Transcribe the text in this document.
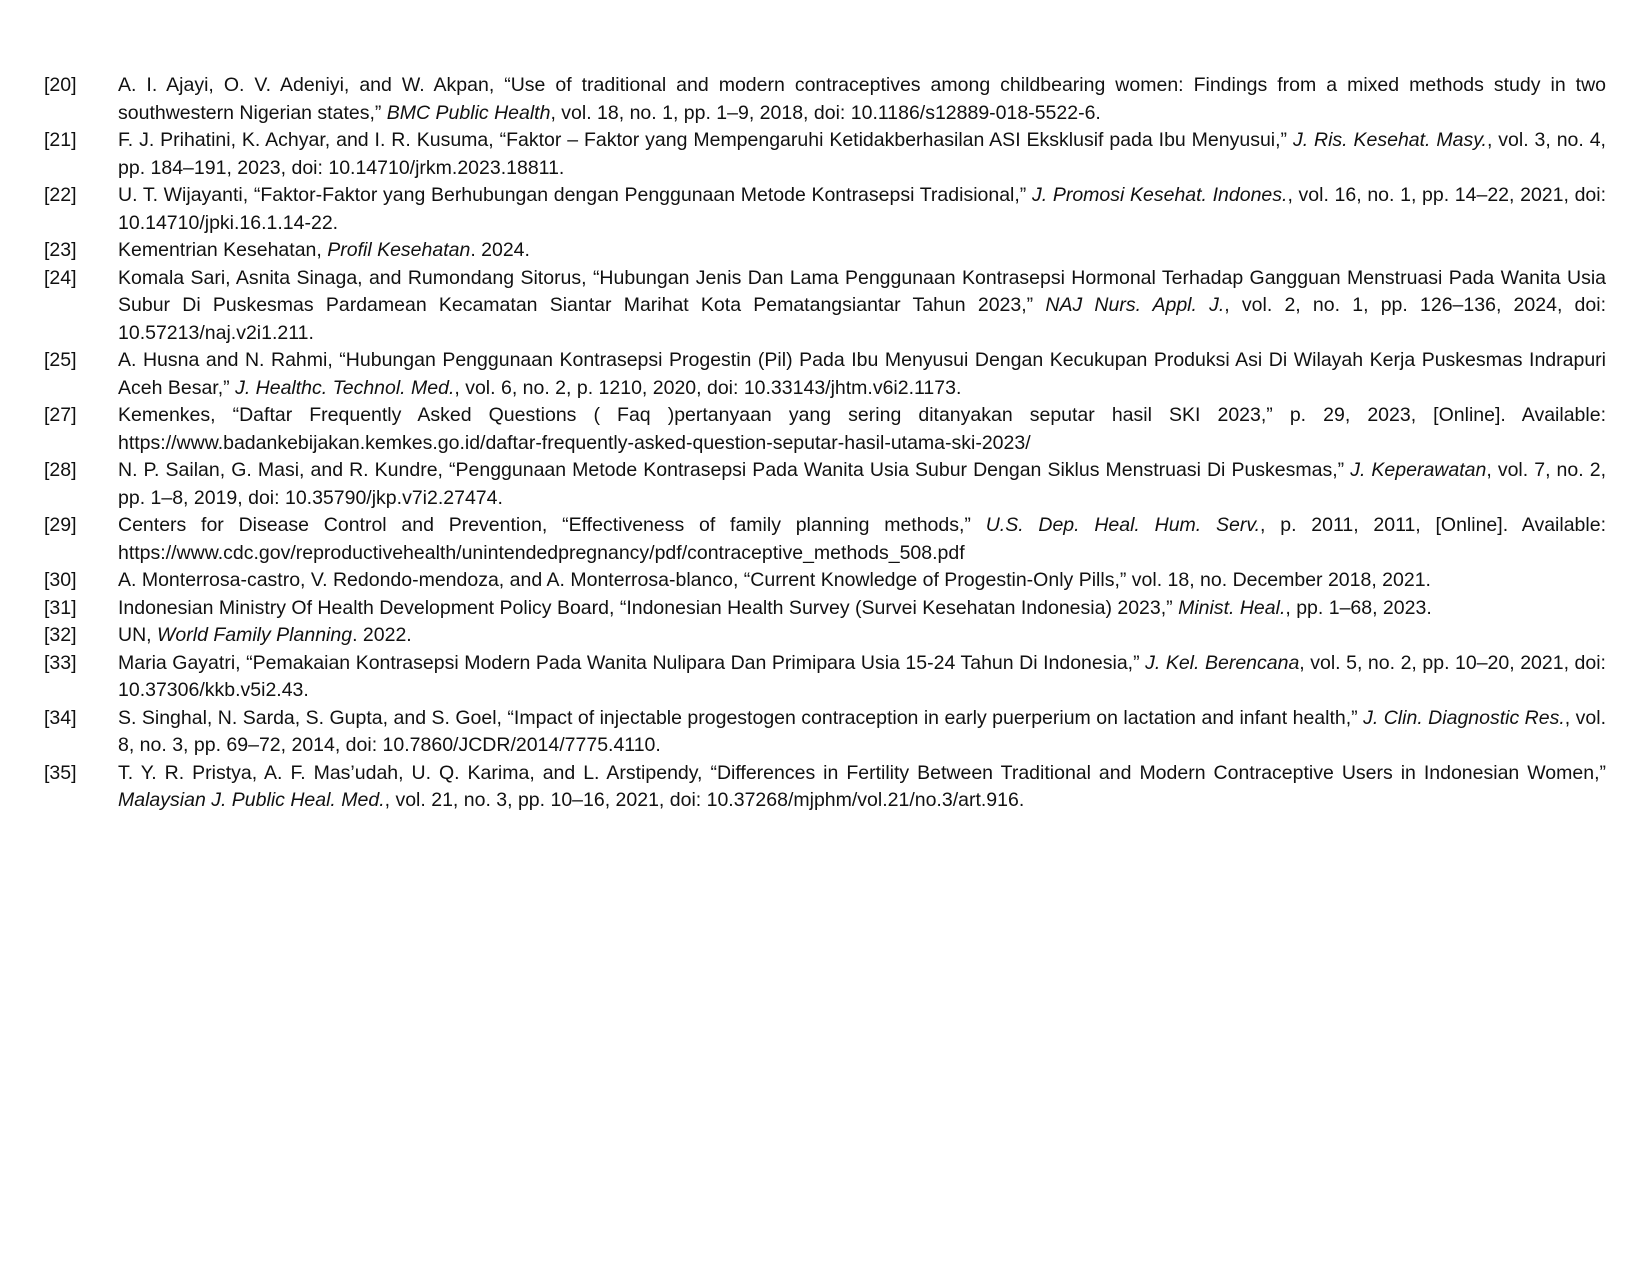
[20]	A. I. Ajayi, O. V. Adeniyi, and W. Akpan, “Use of traditional and modern contraceptives among childbearing women: Findings from a mixed methods study in two southwestern Nigerian states,” BMC Public Health, vol. 18, no. 1, pp. 1–9, 2018, doi: 10.1186/s12889-018-5522-6.
[21]	F. J. Prihatini, K. Achyar, and I. R. Kusuma, “Faktor – Faktor yang Mempengaruhi Ketidakberhasilan ASI Eksklusif pada Ibu Menyusui,” J. Ris. Kesehat. Masy., vol. 3, no. 4, pp. 184–191, 2023, doi: 10.14710/jrkm.2023.18811.
[22]	U. T. Wijayanti, “Faktor-Faktor yang Berhubungan dengan Penggunaan Metode Kontrasepsi Tradisional,” J. Promosi Kesehat. Indones., vol. 16, no. 1, pp. 14–22, 2021, doi: 10.14710/jpki.16.1.14-22.
[23]	Kementrian Kesehatan, Profil Kesehatan. 2024.
[24]	Komala Sari, Asnita Sinaga, and Rumondang Sitorus, “Hubungan Jenis Dan Lama Penggunaan Kontrasepsi Hormonal Terhadap Gangguan Menstruasi Pada Wanita Usia Subur Di Puskesmas Pardamean Kecamatan Siantar Marihat Kota Pematangsiantar Tahun 2023,” NAJ Nurs. Appl. J., vol. 2, no. 1, pp. 126–136, 2024, doi: 10.57213/naj.v2i1.211.
[25]	A. Husna and N. Rahmi, “Hubungan Penggunaan Kontrasepsi Progestin (Pil) Pada Ibu Menyusui Dengan Kecukupan Produksi Asi Di Wilayah Kerja Puskesmas Indrapuri Aceh Besar,” J. Healthc. Technol. Med., vol. 6, no. 2, p. 1210, 2020, doi: 10.33143/jhtm.v6i2.1173.
[27]	Kemenkes, “Daftar Frequently Asked Questions ( Faq )pertanyaan yang sering ditanyakan seputar hasil SKI 2023,” p. 29, 2023, [Online]. Available: https://www.badankebijakan.kemkes.go.id/daftar-frequently-asked-question-seputar-hasil-utama-ski-2023/
[28]	N. P. Sailan, G. Masi, and R. Kundre, “Penggunaan Metode Kontrasepsi Pada Wanita Usia Subur Dengan Siklus Menstruasi Di Puskesmas,” J. Keperawatan, vol. 7, no. 2, pp. 1–8, 2019, doi: 10.35790/jkp.v7i2.27474.
[29]	Centers for Disease Control and Prevention, “Effectiveness of family planning methods,” U.S. Dep. Heal. Hum. Serv., p. 2011, 2011, [Online]. Available: https://www.cdc.gov/reproductivehealth/unintendedpregnancy/pdf/contraceptive_methods_508.pdf
[30]	A. Monterrosa-castro, V. Redondo-mendoza, and A. Monterrosa-blanco, “Current Knowledge of Progestin-Only Pills,” vol. 18, no. December 2018, 2021.
[31]	Indonesian Ministry Of Health Development Policy Board, “Indonesian Health Survey (Survei Kesehatan Indonesia) 2023,” Minist. Heal., pp. 1–68, 2023.
[32]	UN, World Family Planning. 2022.
[33]	Maria Gayatri, “Pemakaian Kontrasepsi Modern Pada Wanita Nulipara Dan Primipara Usia 15-24 Tahun Di Indonesia,” J. Kel. Berencana, vol. 5, no. 2, pp. 10–20, 2021, doi: 10.37306/kkb.v5i2.43.
[34]	S. Singhal, N. Sarda, S. Gupta, and S. Goel, “Impact of injectable progestogen contraception in early puerperium on lactation and infant health,” J. Clin. Diagnostic Res., vol. 8, no. 3, pp. 69–72, 2014, doi: 10.7860/JCDR/2014/7775.4110.
[35]	T. Y. R. Pristya, A. F. Mas’udah, U. Q. Karima, and L. Arstipendy, “Differences in Fertility Between Traditional and Modern Contraceptive Users in Indonesian Women,” Malaysian J. Public Heal. Med., vol. 21, no. 3, pp. 10–16, 2021, doi: 10.37268/mjphm/vol.21/no.3/art.916.
